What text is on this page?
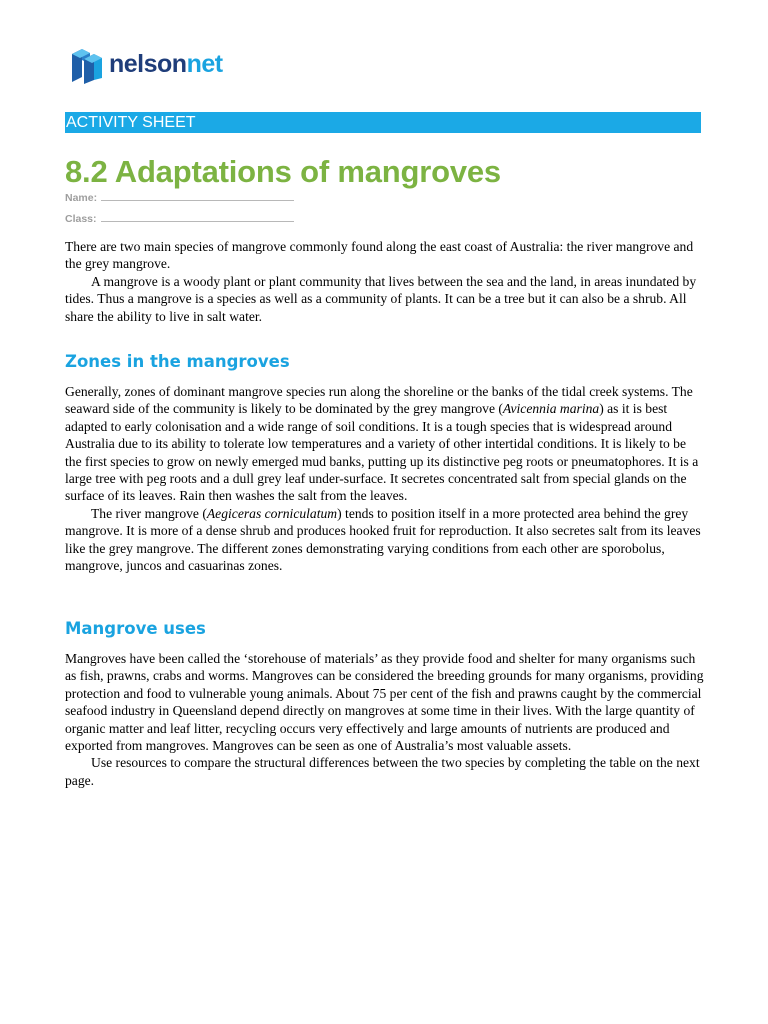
nelsonnet
ACTIVITY SHEET
8.2 Adaptations of mangroves
Name:
Class:

There are two main species of mangrove commonly found along the east coast of Australia: the river mangrove and the grey mangrove.

A mangrove is a woody plant or plant community that lives between the sea and the land, in areas inundated by tides. Thus a mangrove is a species as well as a community of plants. It can be a tree but it can also be a shrub. All share the ability to live in salt water.

Zones in the mangroves

Generally, zones of dominant mangrove species run along the shoreline or the banks of the tidal creek systems. The seaward side of the community is likely to be dominated by the grey mangrove (Avicennia marina) as it is best adapted to early colonisation and a wide range of soil conditions. It is a tough species that is widespread around Australia due to its ability to tolerate low temperatures and a variety of other intertidal conditions. It is likely to be the first species to grow on newly emerged mud banks, putting up its distinctive peg roots or pneumatophores. It is a large tree with peg roots and a dull grey leaf under-surface. It secretes concentrated salt from special glands on the surface of its leaves. Rain then washes the salt from the leaves.

The river mangrove (Aegiceras corniculatum) tends to position itself in a more protected area behind the grey mangrove. It is more of a dense shrub and produces hooked fruit for reproduction. It also secretes salt from its leaves like the grey mangrove. The different zones demonstrating varying conditions from each other are sporobolus, mangrove, juncos and casuarinas zones.

Mangrove uses

Mangroves have been called the ‘storehouse of materials’ as they provide food and shelter for many organisms such as fish, prawns, crabs and worms. Mangroves can be considered the breeding grounds for many organisms, providing protection and food to vulnerable young animals. About 75 per cent of the fish and prawns caught by the commercial seafood industry in Queensland depend directly on mangroves at some time in their lives. With the large quantity of organic matter and leaf litter, recycling occurs very effectively and large amounts of nutrients are produced and exported from mangroves. Mangroves can be seen as one of Australia’s most valuable assets.

Use resources to compare the structural differences between the two species by completing the table on the next page.
